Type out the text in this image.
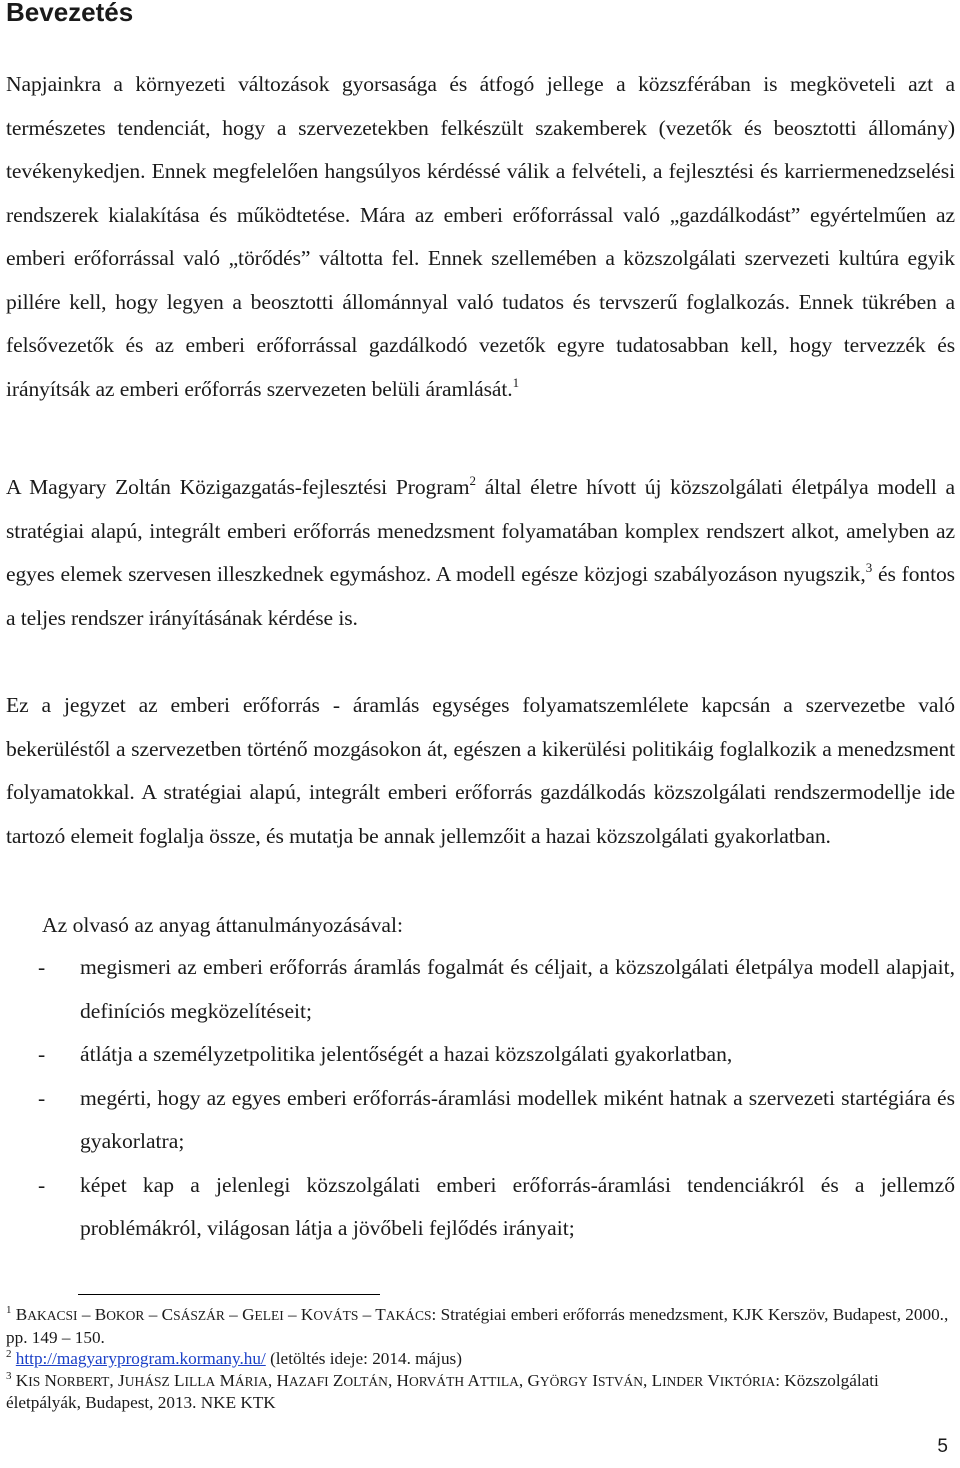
Bevezetés

Napjainkra a környezeti változások gyorsasága és átfogó jellege a közszférában is megköveteli azt a természetes tendenciát, hogy a szervezetekben felkészült szakemberek (vezetők és beosztotti állomány) tevékenykedjen. Ennek megfelelően hangsúlyos kérdéssé válik a felvételi, a fejlesztési és karriermenedzselési rendszerek kialakítása és működtetése. Mára az emberi erőforrással való „gazdálkodást” egyértelműen az emberi erőforrással való „törődés” váltotta fel. Ennek szellemében a közszolgálati szervezeti kultúra egyik pillére kell, hogy legyen a beosztotti állománnyal való tudatos és tervszerű foglalkozás. Ennek tükrében a felsővezetők és az emberi erőforrással gazdálkodó vezetők egyre tudatosabban kell, hogy tervezzék és irányítsák az emberi erőforrás szervezeten belüli áramlását.$^1$

A Magyary Zoltán Közigazgatás-fejlesztési Program$^2$ által életre hívott új közszolgálati életpálya modell a stratégiai alapú, integrált emberi erőforrás menedzsment folyamatában komplex rendszert alkot, amelyben az egyes elemek szervesen illeszkednek egymáshoz. A modell egésze közjogi szabályozáson nyugszik,$^3$ és fontos a teljes rendszer irányításának kérdése is.

Ez a jegyzet az emberi erőforrás - áramlás egységes folyamatszemlélete kapcsán a szervezetbe való bekerüléstől a szervezetben történő mozgásokon át, egészen a kikerülési politikáig foglalkozik a menedzsment folyamatokkal. A stratégiai alapú, integrált emberi erőforrás gazdálkodás közszolgálati rendszermodellje ide tartozó elemeit foglalja össze, és mutatja be annak jellemzőit a hazai közszolgálati gyakorlatban.

Az olvasó az anyag áttanulmányozásával:

- megismeri az emberi erőforrás áramlás fogalmát és céljait, a közszolgálati életpálya modell alapjait, definíciós megközelítéseit;
- átlátja a személyzetpolitika jelentőségét a hazai közszolgálati gyakorlatban,
- megérti, hogy az egyes emberi erőforrás-áramlási modellek miként hatnak a szervezeti startégiára és gyakorlatra;
- képet kap a jelenlegi közszolgálati emberi erőforrás-áramlási tendenciákról és a jellemző problémákról, világosan látja a jövőbeli fejlődés irányait;

$^1$ BAKACSI – BOKOR – CSÁSZÁR – GELEI – KOVÁTS – TAKÁCS: Stratégiai emberi erőforrás menedzsment, KJK Kerszöv, Budapest, 2000., pp. 149 – 150.

$^2$ http://magyaryprogram.kormany.hu/ (letöltés ideje: 2014. május)

$^3$ KIS NORBERT, JUHÁSZ LILLA MÁRIA, HAZAFI ZOLTÁN, HORVÁTH ATTILA, GYÖRGY ISTVÁN, LINDER VIKTÓRIA: Közszolgálati életpályák, Budapest, 2013. NKE KTK

5
